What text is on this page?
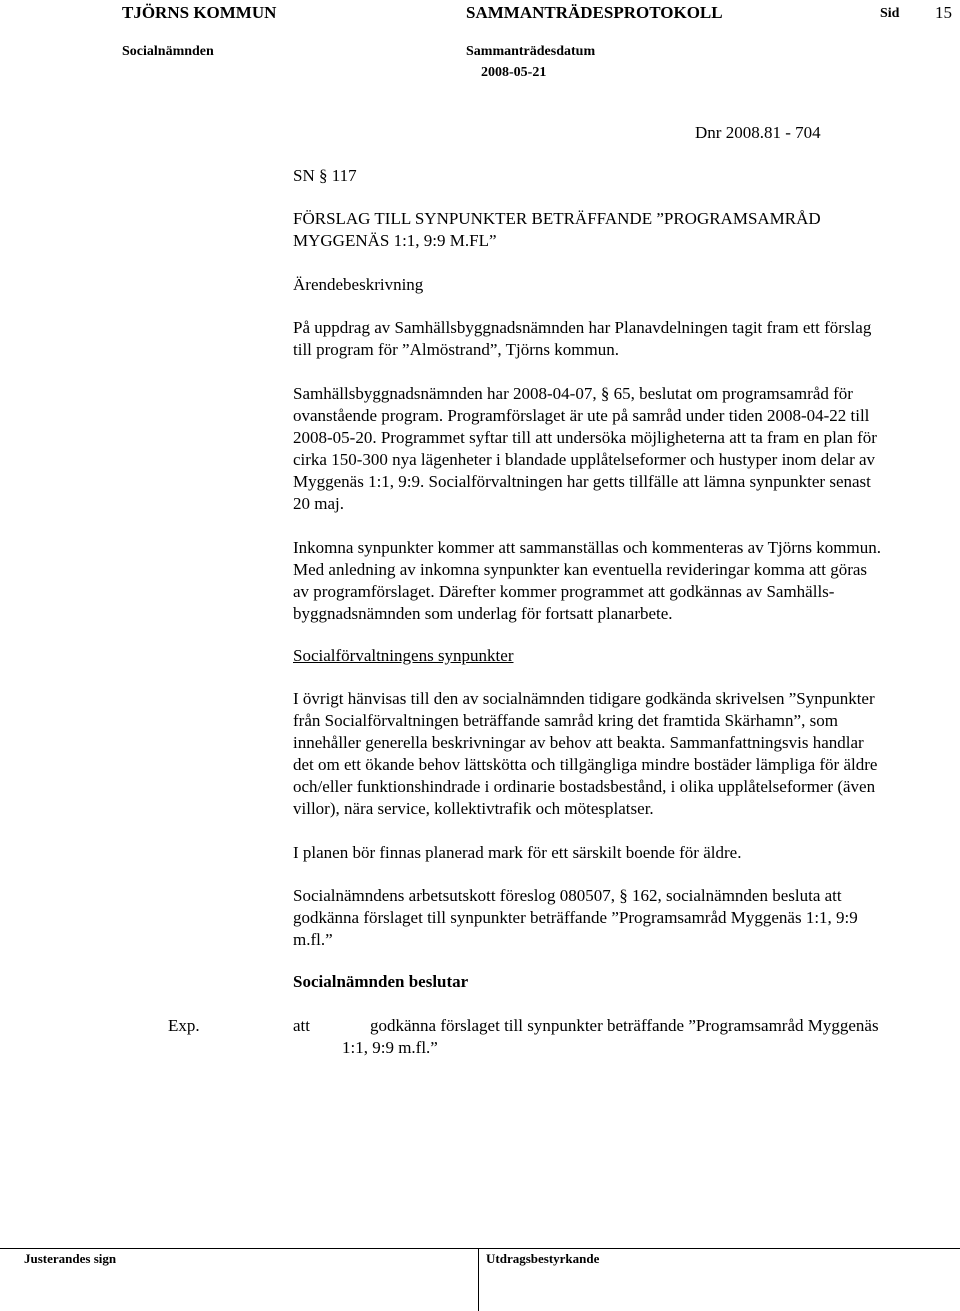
TJÖRNS KOMMUN	SAMMANTRÄDESPROTOKOLL	Sid 15
Socialnämnden	Sammanträdesdatum
2008-05-21
Dnr 2008.81 - 704
SN § 117
FÖRSLAG TILL SYNPUNKTER BETRÄFFANDE ”PROGRAMSAMRÅD
MYGGENÄS 1:1, 9:9 M.FL”
Ärendebeskrivning
På uppdrag av Samhällsbyggnadsnämnden har Planavdelningen tagit fram ett förslag
till program för ”Almöstrand”, Tjörns kommun.
Samhällsbyggnadsnämnden har 2008-04-07, § 65, beslutat om programsamråd för
ovanstående program. Programförslaget är ute på samråd under tiden 2008-04-22 till
2008-05-20. Programmet syftar till att undersöka möjligheterna att ta fram en plan för
cirka 150-300 nya lägenheter i blandade upplåtelseformer och hustyper inom delar av
Myggenäs 1:1, 9:9. Socialförvaltningen har getts tillfälle att lämna synpunkter senast
20 maj.
Inkomna synpunkter kommer att sammanställas och kommenteras av Tjörns kommun.
Med anledning av inkomna synpunkter kan eventuella revideringar komma att göras
av programförslaget. Därefter kommer programmet att godkännas av Samhälls-
byggnadsnämnden som underlag för fortsatt planarbete.
Socialförvaltningens synpunkter
I övrigt hänvisas till den av socialnämnden tidigare godkända skrivelsen ”Synpunkter
från Socialförvaltningen beträffande samråd kring det framtida Skärhamn”, som
innehåller generella beskrivningar av behov att beakta. Sammanfattningsvis handlar
det om ett ökande behov lättskötta och tillgängliga mindre bostäder lämpliga för äldre
och/eller funktionshindrade i ordinarie bostadsbestånd, i olika upplåtelseformer (även
villor), nära service, kollektivtrafik och mötesplatser.
I planen bör finnas planerad mark för ett särskilt boende för äldre.
Socialnämndens arbetsutskott föreslog 080507, § 162, socialnämnden besluta att
godkänna förslaget till synpunkter beträffande ”Programsamråd Myggenäs 1:1, 9:9
m.fl.”
Socialnämnden beslutar
Exp.	att	godkänna förslaget till synpunkter beträffande ”Programsamråd Myggenäs
1:1, 9:9 m.fl.”
Justerandes sign	Utdragsbestyrkande
